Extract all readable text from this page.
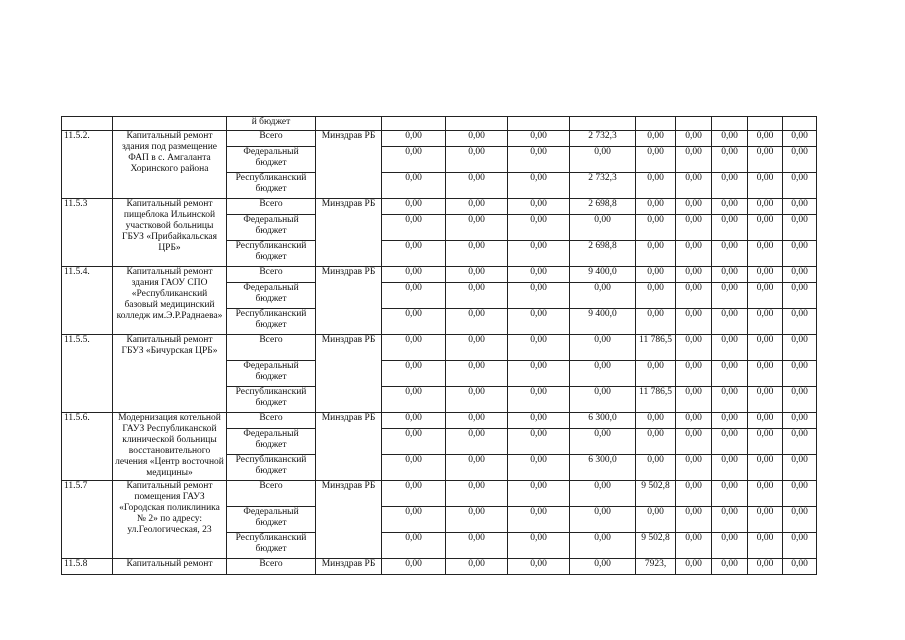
		й бюджет										
11.5.2.	Капитальный ремонт здания под размещение ФАП в с. Амгаланта Хоринского района	Всего	Минздрав РБ	0,00	0,00	0,00	2 732,3	0,00	0,00	0,00	0,00	0,00
		Федеральный бюджет		0,00	0,00	0,00	0,00	0,00	0,00	0,00	0,00	0,00
		Республиканский бюджет		0,00	0,00	0,00	2 732,3	0,00	0,00	0,00	0,00	0,00
11.5.3	Капитальный ремонт пищеблока Ильинской участковой больницы ГБУЗ «Прибайкальская ЦРБ»	Всего	Минздрав РБ	0,00	0,00	0,00	2 698,8	0,00	0,00	0,00	0,00	0,00
		Федеральный бюджет		0,00	0,00	0,00	0,00	0,00	0,00	0,00	0,00	0,00
		Республиканский бюджет		0,00	0,00	0,00	2 698,8	0,00	0,00	0,00	0,00	0,00
11.5.4.	Капитальный ремонт здания ГАОУ СПО «Республиканский базовый медицинский колледж им.Э.Р.Раднаева»	Всего	Минздрав РБ	0,00	0,00	0,00	9 400,0	0,00	0,00	0,00	0,00	0,00
		Федеральный бюджет		0,00	0,00	0,00	0,00	0,00	0,00	0,00	0,00	0,00
		Республиканский бюджет		0,00	0,00	0,00	9 400,0	0,00	0,00	0,00	0,00	0,00
11.5.5.	Капитальный ремонт ГБУЗ «Бичурская ЦРБ»	Всего	Минздрав РБ	0,00	0,00	0,00	0,00	11 786,5	0,00	0,00	0,00	0,00
		Федеральный бюджет		0,00	0,00	0,00	0,00	0,00	0,00	0,00	0,00	0,00
		Республиканский бюджет		0,00	0,00	0,00	0,00	11 786,5	0,00	0,00	0,00	0,00
11.5.6.	Модернизация котельной ГАУЗ Республиканской клинической больницы восстановительного лечения «Центр восточной медицины»	Всего	Минздрав РБ	0,00	0,00	0,00	6 300,0	0,00	0,00	0,00	0,00	0,00
		Федеральный бюджет		0,00	0,00	0,00	0,00	0,00	0,00	0,00	0,00	0,00
		Республиканский бюджет		0,00	0,00	0,00	6 300,0	0,00	0,00	0,00	0,00	0,00
11.5.7	Капитальный ремонт помещения ГАУЗ «Городская поликлиника № 2» по адресу: ул.Геологическая, 23	Всего	Минздрав РБ	0,00	0,00	0,00	0,00	9 502,8	0,00	0,00	0,00	0,00
		Федеральный бюджет		0,00	0,00	0,00	0,00	0,00	0,00	0,00	0,00	0,00
		Республиканский бюджет		0,00	0,00	0,00	0,00	9 502,8	0,00	0,00	0,00	0,00
11.5.8	Капитальный ремонт	Всего	Минздрав РБ	0,00	0,00	0,00	0,00	7923,	0,00	0,00	0,00	0,00
